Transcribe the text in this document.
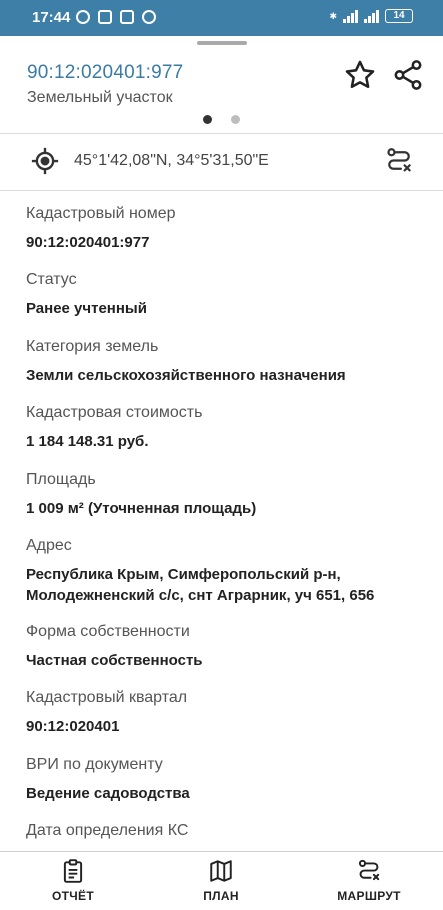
17:44	✱	14
90:12:020401:977
Земельный участок
45°1'42,08"N, 34°5'31,50"E
Кадастровый номер
90:12:020401:977
Статус
Ранее учтенный
Категория земель
Земли сельскохозяйственного назначения
Кадастровая стоимость
1 184 148.31 руб.
Площадь
1 009 м² (Уточненная площадь)
Адрес
Республика Крым, Симферопольский р-н, Молодежненский с/с, снт Аграрник, уч 651, 656
Форма собственности
Частная собственность
Кадастровый квартал
90:12:020401
ВРИ по документу
Ведение садоводства
Дата определения КС
ОТЧЁТ	ПЛАН	МАРШРУТ
